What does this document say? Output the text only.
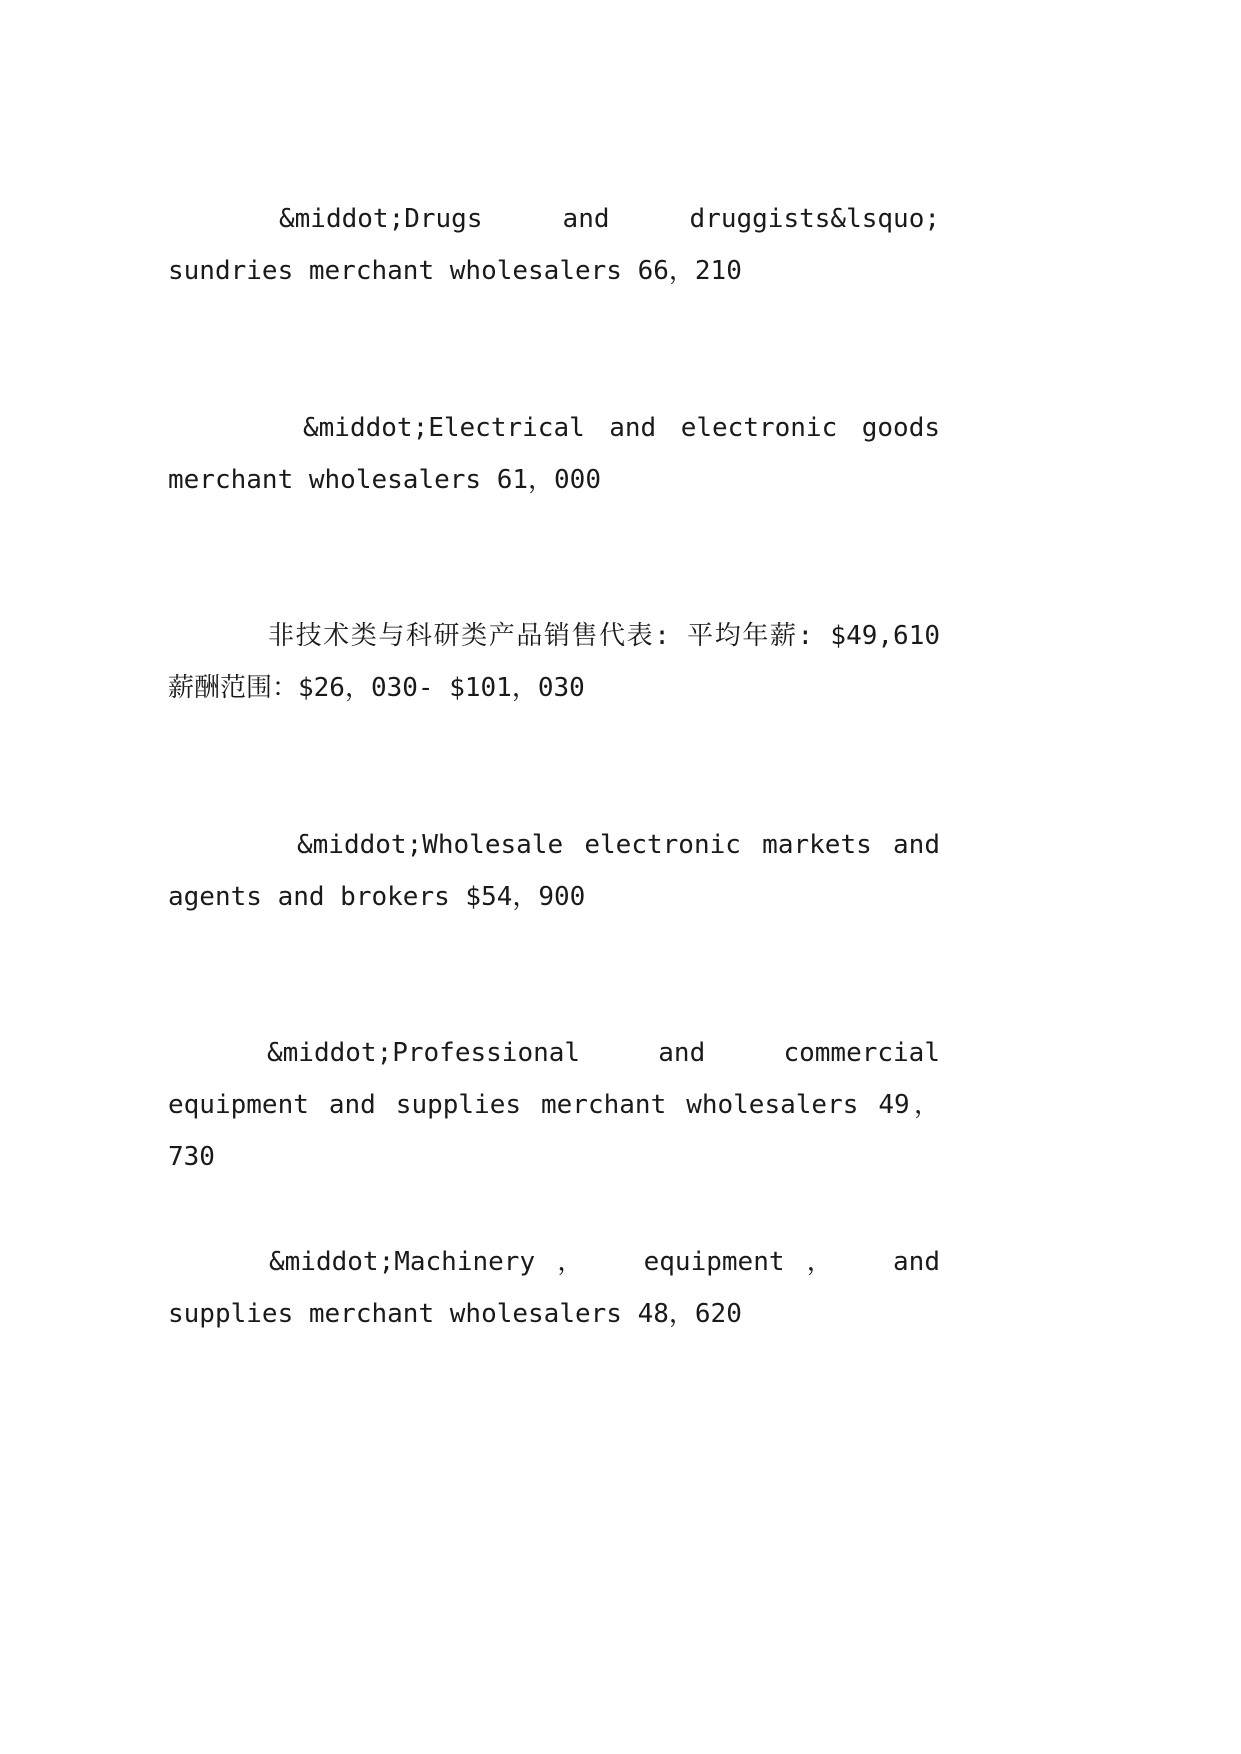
&middot;Drugs and druggists&lsquo; sundries merchant wholesalers 66，210

&middot;Electrical and electronic goods merchant wholesalers 61，000

非技术类与科研类产品销售代表: 平均年薪: $49,610 薪酬范围：$26，030- $101，030

&middot;Wholesale electronic markets and agents and brokers $54，900

&middot;Professional and commercial equipment and supplies merchant wholesalers 49，730

&middot;Machinery， equipment， and supplies merchant wholesalers 48，620
